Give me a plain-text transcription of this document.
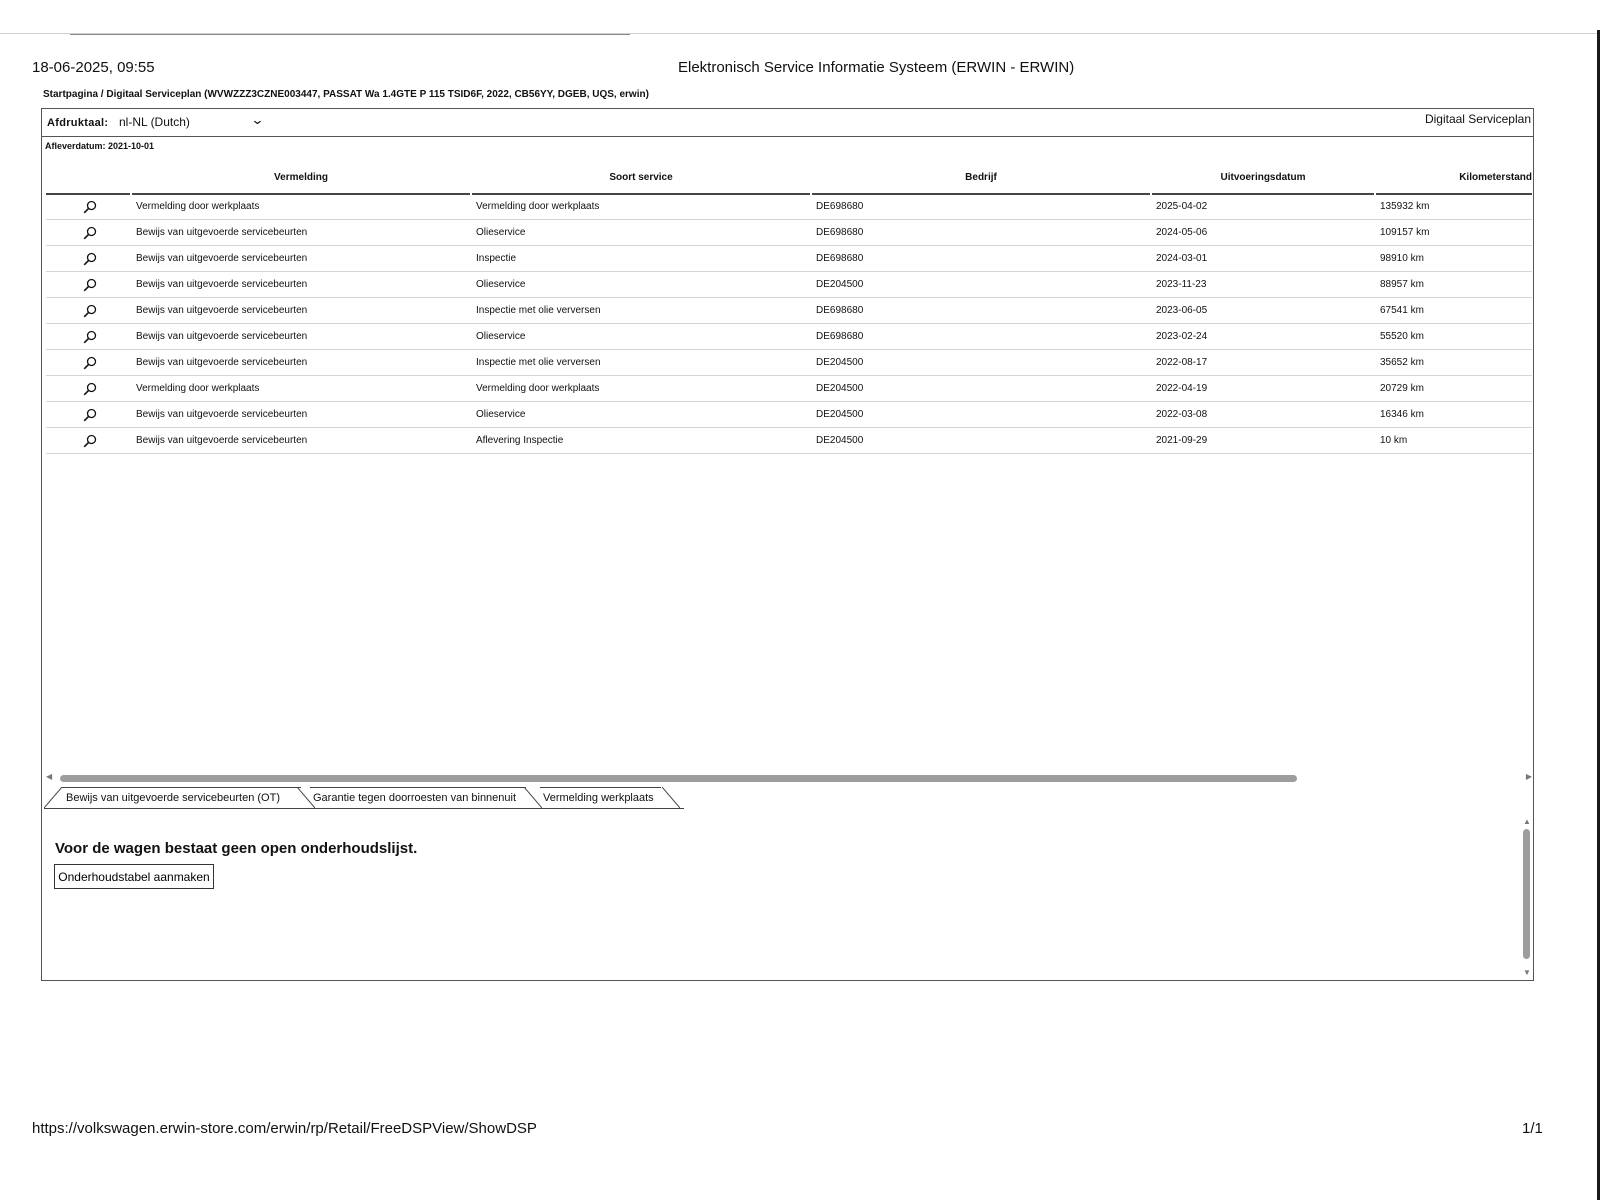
18-06-2025, 09:55	Elektronisch Service Informatie Systeem (ERWIN - ERWIN)
Startpagina / Digitaal Serviceplan (WVWZZZ3CZNE003447, PASSAT Wa 1.4GTE P 115 TSID6F, 2022, CB56YY, DGEB, UQS, erwin)
Afdruktaal: nl-NL (Dutch)	⌄	Digitaal Serviceplan
Afleverdatum: 2021-10-01
Vermelding	Soort service	Bedrijf	Uitvoeringsdatum	Kilometerstand
Vermelding door werkplaats	Vermelding door werkplaats	DE698680	2025-04-02	135932 km
Bewijs van uitgevoerde servicebeurten	Olieservice	DE698680	2024-05-06	109157 km
Bewijs van uitgevoerde servicebeurten	Inspectie	DE698680	2024-03-01	98910 km
Bewijs van uitgevoerde servicebeurten	Olieservice	DE204500	2023-11-23	88957 km
Bewijs van uitgevoerde servicebeurten	Inspectie met olie verversen	DE698680	2023-06-05	67541 km
Bewijs van uitgevoerde servicebeurten	Olieservice	DE698680	2023-02-24	55520 km
Bewijs van uitgevoerde servicebeurten	Inspectie met olie verversen	DE204500	2022-08-17	35652 km
Vermelding door werkplaats	Vermelding door werkplaats	DE204500	2022-04-19	20729 km
Bewijs van uitgevoerde servicebeurten	Olieservice	DE204500	2022-03-08	16346 km
Bewijs van uitgevoerde servicebeurten	Aflevering Inspectie	DE204500	2021-09-29	10 km
◀	▶
Bewijs van uitgevoerde servicebeurten (OT)	Garantie tegen doorroesten van binnenuit	Vermelding werkplaats
Voor de wagen bestaat geen open onderhoudslijst.
Onderhoudstabel aanmaken
▲
▼
https://volkswagen.erwin-store.com/erwin/rp/Retail/FreeDSPView/ShowDSP	1/1
